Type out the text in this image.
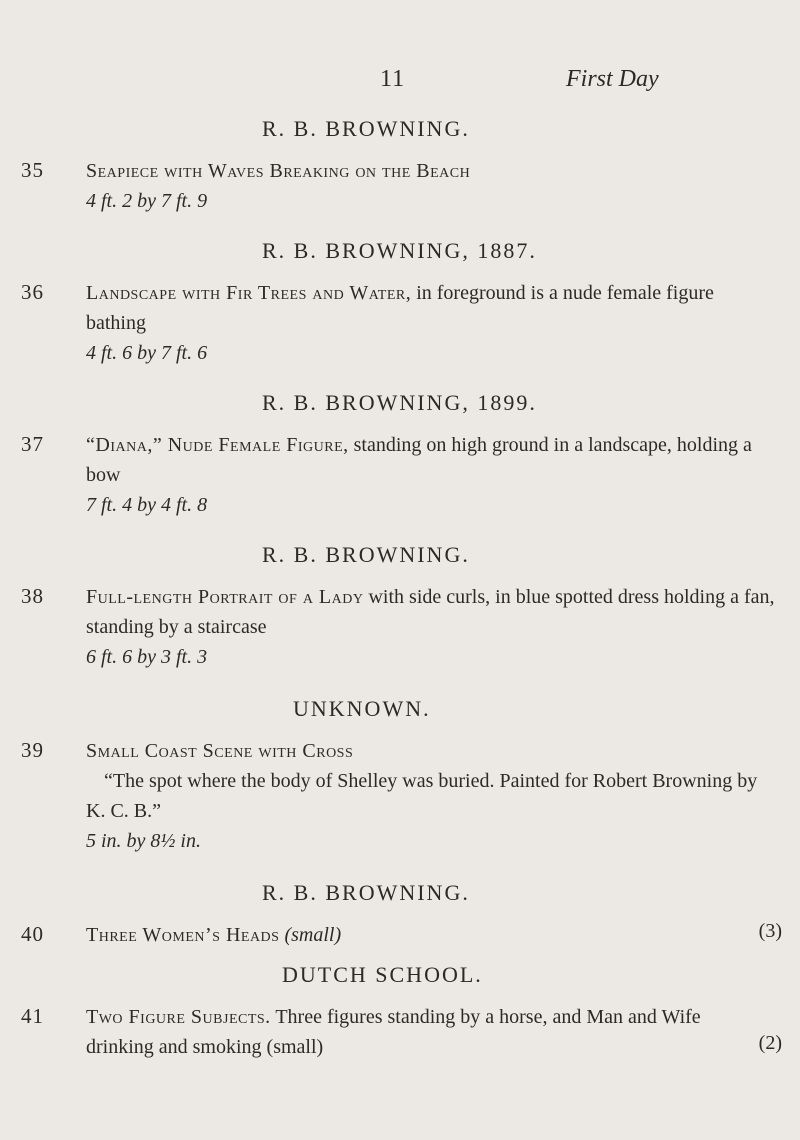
11	First Day
R. B. BROWNING.
35 Seapiece with Waves Breaking on the Beach
4 ft. 2 by 7 ft. 9
R. B. BROWNING, 1887.
36 Landscape with Fir Trees and Water, in foreground is a nude female figure bathing
4 ft. 6 by 7 ft. 6
R. B. BROWNING, 1899.
37 “Diana,” Nude Female Figure, standing on high ground in a landscape, holding a bow
7 ft. 4 by 4 ft. 8
R. B. BROWNING.
38 Full-length Portrait of a Lady with side curls, in blue spotted dress holding a fan, standing by a staircase
6 ft. 6 by 3 ft. 3
UNKNOWN.
39 Small Coast Scene with Cross
“The spot where the body of Shelley was buried. Painted for Robert Browning by K. C. B.”
5 in. by 8½ in.
R. B. BROWNING.
40 Three Women’s Heads (small)	(3)
DUTCH SCHOOL.
41 Two Figure Subjects. Three figures standing by a horse, and Man and Wife drinking and smoking (small)	(2)
